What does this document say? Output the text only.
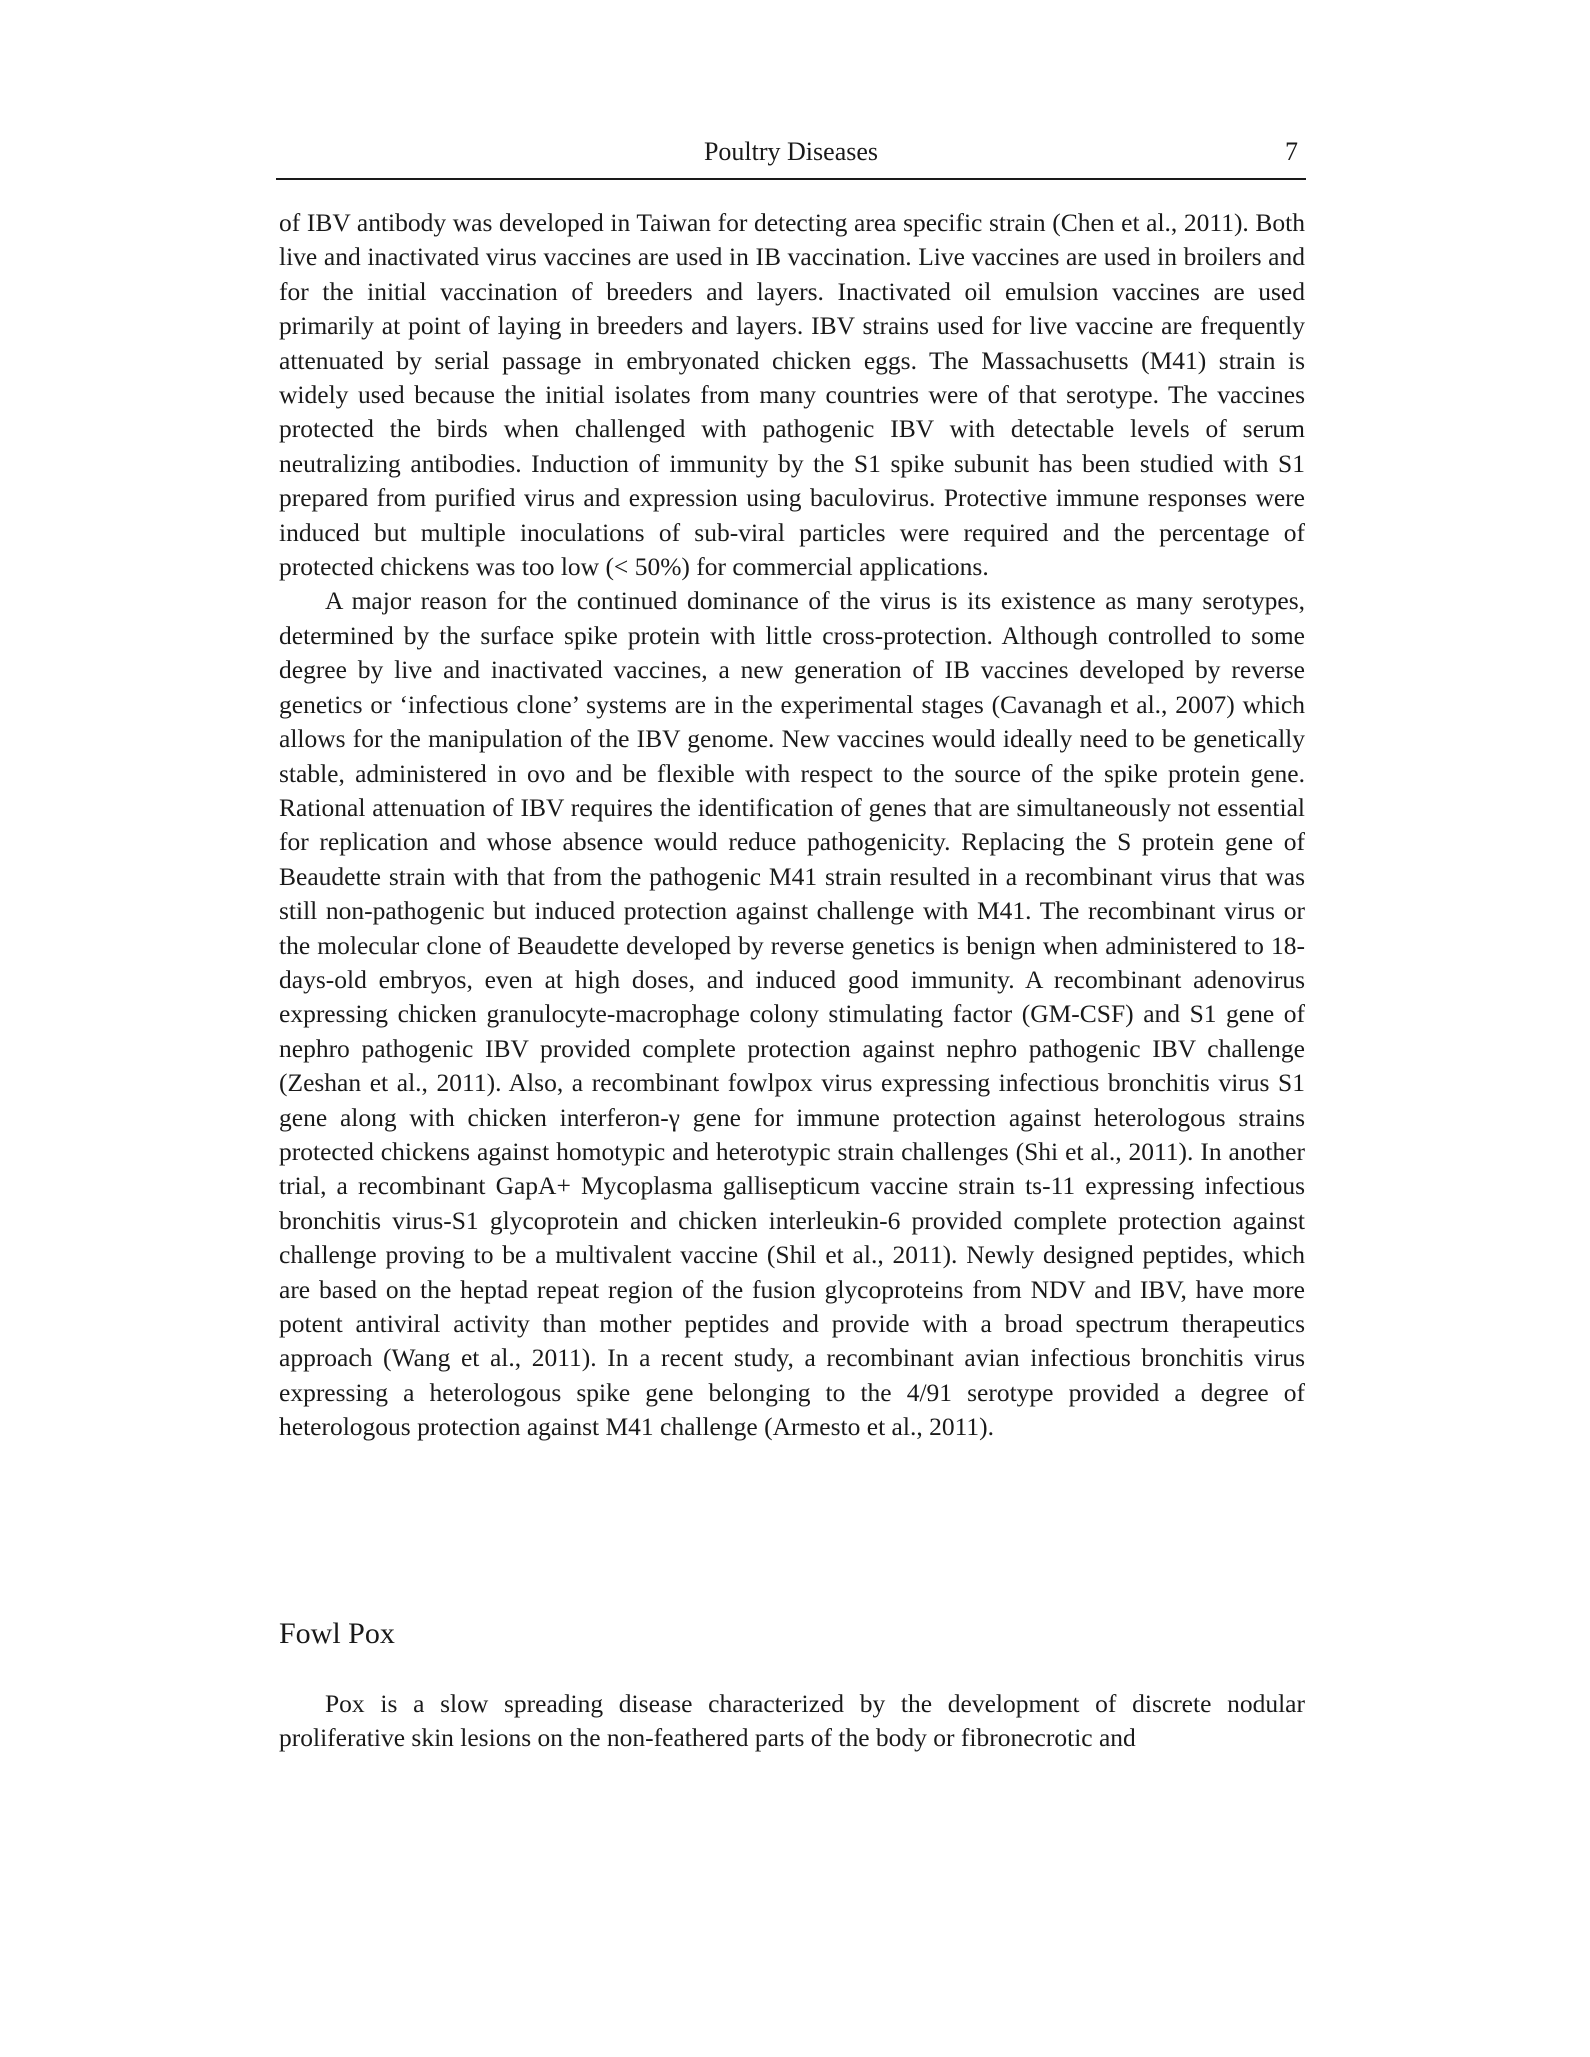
Poultry Diseases	7

of IBV antibody was developed in Taiwan for detecting area specific strain (Chen et al., 2011). Both live and inactivated virus vaccines are used in IB vaccination. Live vaccines are used in broilers and for the initial vaccination of breeders and layers. Inactivated oil emulsion vaccines are used primarily at point of laying in breeders and layers. IBV strains used for live vaccine are frequently attenuated by serial passage in embryonated chicken eggs. The Massachusetts (M41) strain is widely used because the initial isolates from many countries were of that serotype. The vaccines protected the birds when challenged with pathogenic IBV with detectable levels of serum neutralizing antibodies. Induction of immunity by the S1 spike subunit has been studied with S1 prepared from purified virus and expression using baculovirus. Protective immune responses were induced but multiple inoculations of sub-viral particles were required and the percentage of protected chickens was too low (< 50%) for commercial applications.

A major reason for the continued dominance of the virus is its existence as many serotypes, determined by the surface spike protein with little cross-protection. Although controlled to some degree by live and inactivated vaccines, a new generation of IB vaccines developed by reverse genetics or ‘infectious clone’ systems are in the experimental stages (Cavanagh et al., 2007) which allows for the manipulation of the IBV genome. New vaccines would ideally need to be genetically stable, administered in ovo and be flexible with respect to the source of the spike protein gene. Rational attenuation of IBV requires the identification of genes that are simultaneously not essential for replication and whose absence would reduce pathogenicity. Replacing the S protein gene of Beaudette strain with that from the pathogenic M41 strain resulted in a recombinant virus that was still non-pathogenic but induced protection against challenge with M41. The recombinant virus or the molecular clone of Beaudette developed by reverse genetics is benign when administered to 18-days-old embryos, even at high doses, and induced good immunity. A recombinant adenovirus expressing chicken granulocyte-macrophage colony stimulating factor (GM-CSF) and S1 gene of nephro pathogenic IBV provided complete protection against nephro pathogenic IBV challenge (Zeshan et al., 2011). Also, a recombinant fowlpox virus expressing infectious bronchitis virus S1 gene along with chicken interferon-γ gene for immune protection against heterologous strains protected chickens against homotypic and heterotypic strain challenges (Shi et al., 2011). In another trial, a recombinant GapA+ Mycoplasma gallisepticum vaccine strain ts-11 expressing infectious bronchitis virus-S1 glycoprotein and chicken interleukin-6 provided complete protection against challenge proving to be a multivalent vaccine (Shil et al., 2011). Newly designed peptides, which are based on the heptad repeat region of the fusion glycoproteins from NDV and IBV, have more potent antiviral activity than mother peptides and provide with a broad spectrum therapeutics approach (Wang et al., 2011). In a recent study, a recombinant avian infectious bronchitis virus expressing a heterologous spike gene belonging to the 4/91 serotype provided a degree of heterologous protection against M41 challenge (Armesto et al., 2011).

Fowl Pox

Pox is a slow spreading disease characterized by the development of discrete nodular proliferative skin lesions on the non-feathered parts of the body or fibronecrotic and
